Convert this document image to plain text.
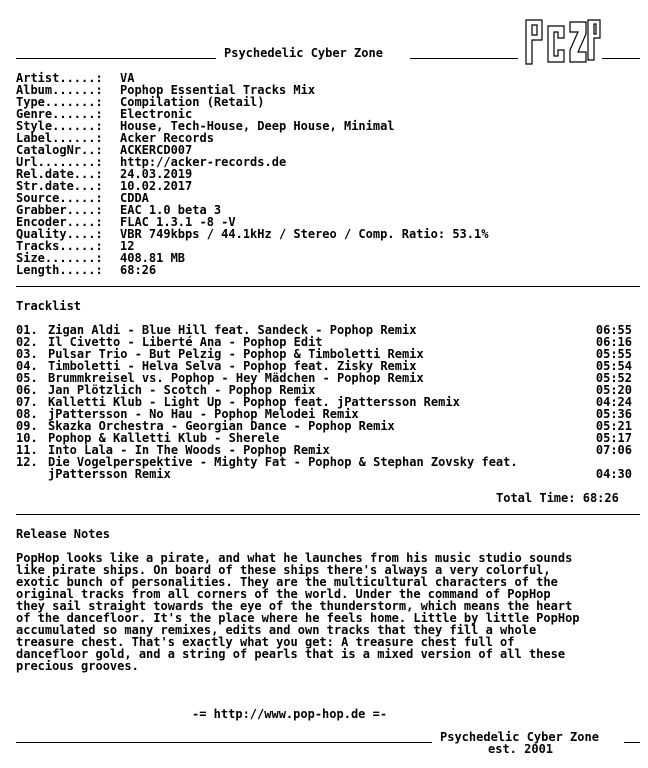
Psychedelic Cyber Zone
Artist.....: VA
Album......: Pophop Essential Tracks Mix
Type.......: Compilation (Retail)
Genre......: Electronic
Style......: House, Tech-House, Deep House, Minimal
Label......: Acker Records
CatalogNr..: ACKERCD007
Url........: http://acker-records.de
Rel.date...: 24.03.2019
Str.date...: 10.02.2017
Source.....: CDDA
Grabber....: EAC 1.0 beta 3
Encoder....: FLAC 1.3.1 -8 -V
Quality....: VBR 749kbps / 44.1kHz / Stereo / Comp. Ratio: 53.1%
Tracks.....: 12
Size.......: 408.81 MB
Length.....: 68:26
Tracklist
01. Zigan Aldi - Blue Hill feat. Sandeck - Pophop Remix	06:55
02. Il Civetto - Liberté Ana - Pophop Edit	06:16
03. Pulsar Trio - But Pelzig - Pophop & Timboletti Remix	05:55
04. Timboletti - Helva Selva - Pophop feat. Zisky Remix	05:54
05. Brummkreisel vs. Pophop - Hey Mädchen - Pophop Remix	05:52
06. Jan Plötzlich - Scotch - Pophop Remix	05:20
07. Kalletti Klub - Light Up - Pophop feat. jPattersson Remix	04:24
08. jPattersson - No Hau - Pophop Melodei Remix	05:36
09. Skazka Orchestra - Georgian Dance - Pophop Remix	05:21
10. Pophop & Kalletti Klub - Sherele	05:17
11. Into Lala - In The Woods - Pophop Remix	07:06
12. Die Vogelperspektive - Mighty Fat - Pophop & Stephan Zovsky feat.
jPattersson Remix	04:30
Total Time: 68:26
Release Notes
PopHop looks like a pirate, and what he launches from his music studio sounds
like pirate ships. On board of these ships there's always a very colorful,
exotic bunch of personalities. They are the multicultural characters of the
original tracks from all corners of the world. Under the command of PopHop
they sail straight towards the eye of the thunderstorm, which means the heart
of the dancefloor. It's the place where he feels home. Little by little PopHop
accumulated so many remixes, edits and own tracks that they fill a whole
treasure chest. That's exactly what you get: A treasure chest full of
dancefloor gold, and a string of pearls that is a mixed version of all these
precious grooves.
-= http://www.pop-hop.de =-
Psychedelic Cyber Zone
est. 2001
